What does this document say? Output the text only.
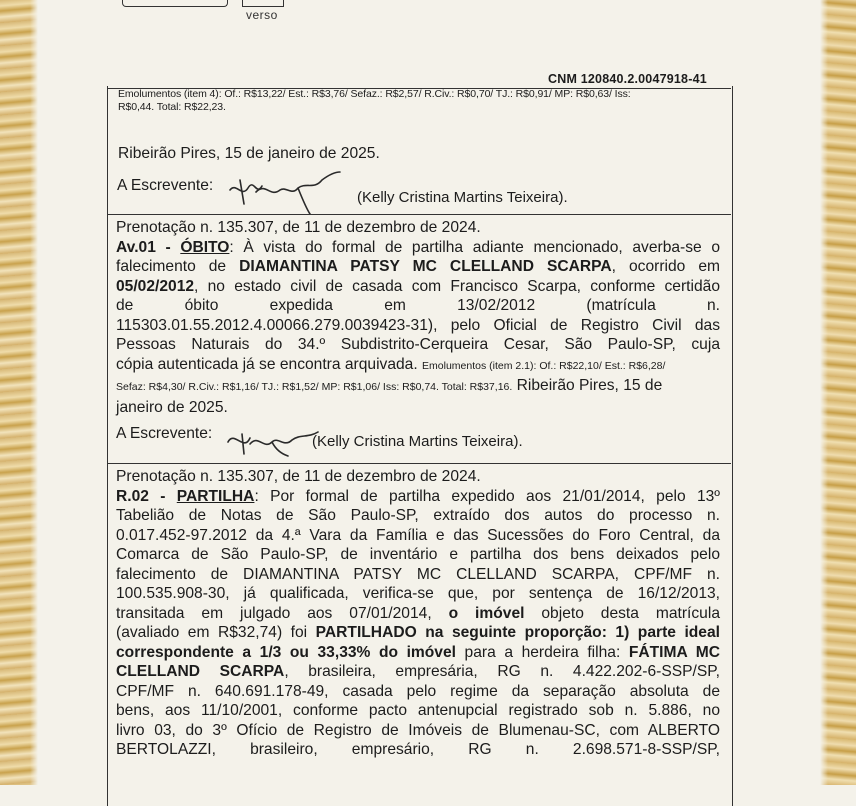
verso
CNM 120840.2.0047918-41
Emolumentos (item 4): Of.: R$13,22/ Est.: R$3,76/ Sefaz.: R$2,57/ R.Civ.: R$0,70/ TJ.: R$0,91/ MP: R$0,63/ Iss:
R$0,44. Total: R$22,23.
Ribeirão Pires, 15 de janeiro de 2025.
A Escrevente:
(Kelly Cristina Martins Teixeira).
Prenotação n. 135.307, de 11 de dezembro de 2024.
Av.01 - ÓBITO: À vista do formal de partilha adiante mencionado, averba-se o
falecimento de DIAMANTINA PATSY MC CLELLAND SCARPA, ocorrido em
05/02/2012, no estado civil de casada com Francisco Scarpa, conforme certidão
de óbito expedida em 13/02/2012 (matrícula n.
115303.01.55.2012.4.00066.279.0039423-31), pelo Oficial de Registro Civil das
Pessoas Naturais do 34.º Subdistrito-Cerqueira Cesar, São Paulo-SP, cuja
cópia autenticada já se encontra arquivada. Emolumentos (item 2.1): Of.: R$22,10/ Est.: R$6,28/
Sefaz: R$4,30/ R.Civ.: R$1,16/ TJ.: R$1,52/ MP: R$1,06/ Iss: R$0,74. Total: R$37,16. Ribeirão Pires, 15 de
janeiro de 2025.
A Escrevente:	(Kelly Cristina Martins Teixeira).
Prenotação n. 135.307, de 11 de dezembro de 2024.
R.02 - PARTILHA: Por formal de partilha expedido aos 21/01/2014, pelo 13º
Tabelião de Notas de São Paulo-SP, extraído dos autos do processo n.
0.017.452-97.2012 da 4.ª Vara da Família e das Sucessões do Foro Central, da
Comarca de São Paulo-SP, de inventário e partilha dos bens deixados pelo
falecimento de DIAMANTINA PATSY MC CLELLAND SCARPA, CPF/MF n.
100.535.908-30, já qualificada, verifica-se que, por sentença de 16/12/2013,
transitada em julgado aos 07/01/2014, o imóvel objeto desta matrícula
(avaliado em R$32,74) foi PARTILHADO na seguinte proporção: 1) parte ideal
correspondente a 1/3 ou 33,33% do imóvel para a herdeira filha: FÁTIMA MC
CLELLAND SCARPA, brasileira, empresária, RG n. 4.422.202-6-SSP/SP,
CPF/MF n. 640.691.178-49, casada pelo regime da separação absoluta de
bens, aos 11/10/2001, conforme pacto antenupcial registrado sob n. 5.886, no
livro 03, do 3º Ofício de Registro de Imóveis de Blumenau-SC, com ALBERTO
BERTOLAZZI, brasileiro, empresário, RG n. 2.698.571-8-SSP/SP,
